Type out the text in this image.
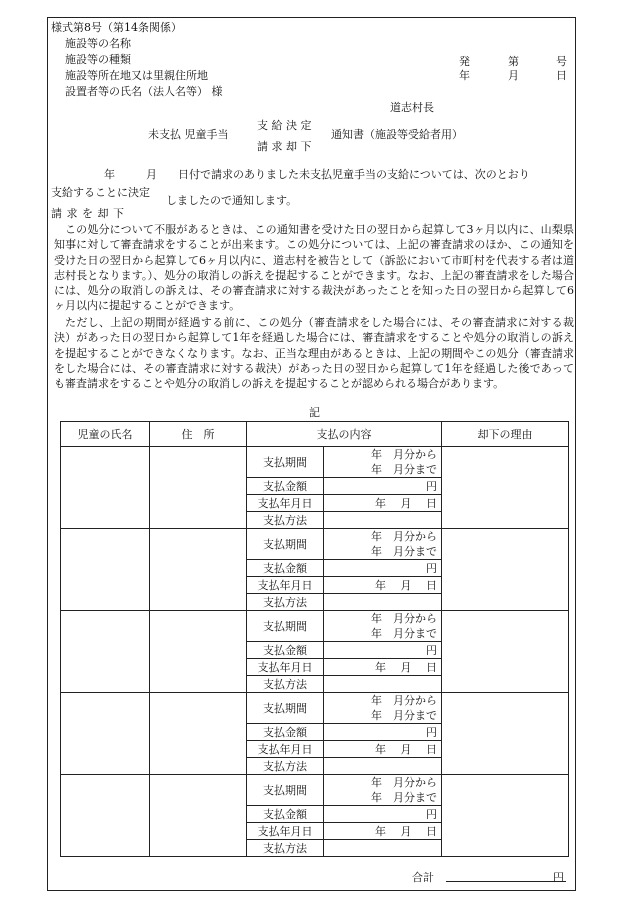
様式第8号（第14条関係）
施設等の名称
施設等の種類
施設等所在地又は里親住所地
設置者等の氏名（法人名等） 様
発	第	号
年	月	日
道志村長
未支払 児童手当
支 給 決 定
請 求 却 下
通知書（施設等受給者用）
年	月 日付で請求のありました未支払児童手当の支給については、次のとおり
支給することに決定
請 求 を 却 下
しましたので通知します。
この処分について不服があるときは、この通知書を受けた日の翌日から起算して3ヶ月以内に、山梨県知事に対して審査請求をすることが出来ます。この処分については、上記の審査請求のほか、この通知を受けた日の翌日から起算して6ヶ月以内に、道志村を被告として（訴訟において市町村を代表する者は道志村長となります。）、処分の取消しの訴えを提起することができます。なお、上記の審査請求をした場合には、処分の取消しの訴えは、その審査請求に対する裁決があったことを知った日の翌日から起算して6ヶ月以内に提起することができます。
ただし、上記の期間が経過する前に、この処分（審査請求をした場合には、その審査請求に対する裁決）があった日の翌日から起算して1年を経過した場合には、審査請求をすることや処分の取消しの訴えを提起することができなくなります。なお、正当な理由があるときは、上記の期間やこの処分（審査請求をした場合には、その審査請求に対する裁決）があった日の翌日から起算して1年を経過した後であっても審査請求をすることや処分の取消しの訴えを提起することが認められる場合があります。
記
児童の氏名	住　所	支払の内容		却下の理由
		支払期間	年　月分から
年　月分まで	

		支払金額	円	
		支払年月日	年　 月　 日	
		支払方法		
		支払期間	年　月分から
年　月分まで	

		支払金額	円	
		支払年月日	年　 月　 日	
		支払方法		
		支払期間	年　月分から
年　月分まで	

		支払金額	円	
		支払年月日	年　 月　 日	
		支払方法		
		支払期間	年　月分から
年　月分まで	

		支払金額	円	
		支払年月日	年　 月　 日	
		支払方法		
		支払期間	年　月分から
年　月分まで	

		支払金額	円	
		支払年月日	年　 月　 日	
		支払方法		
合計	円
